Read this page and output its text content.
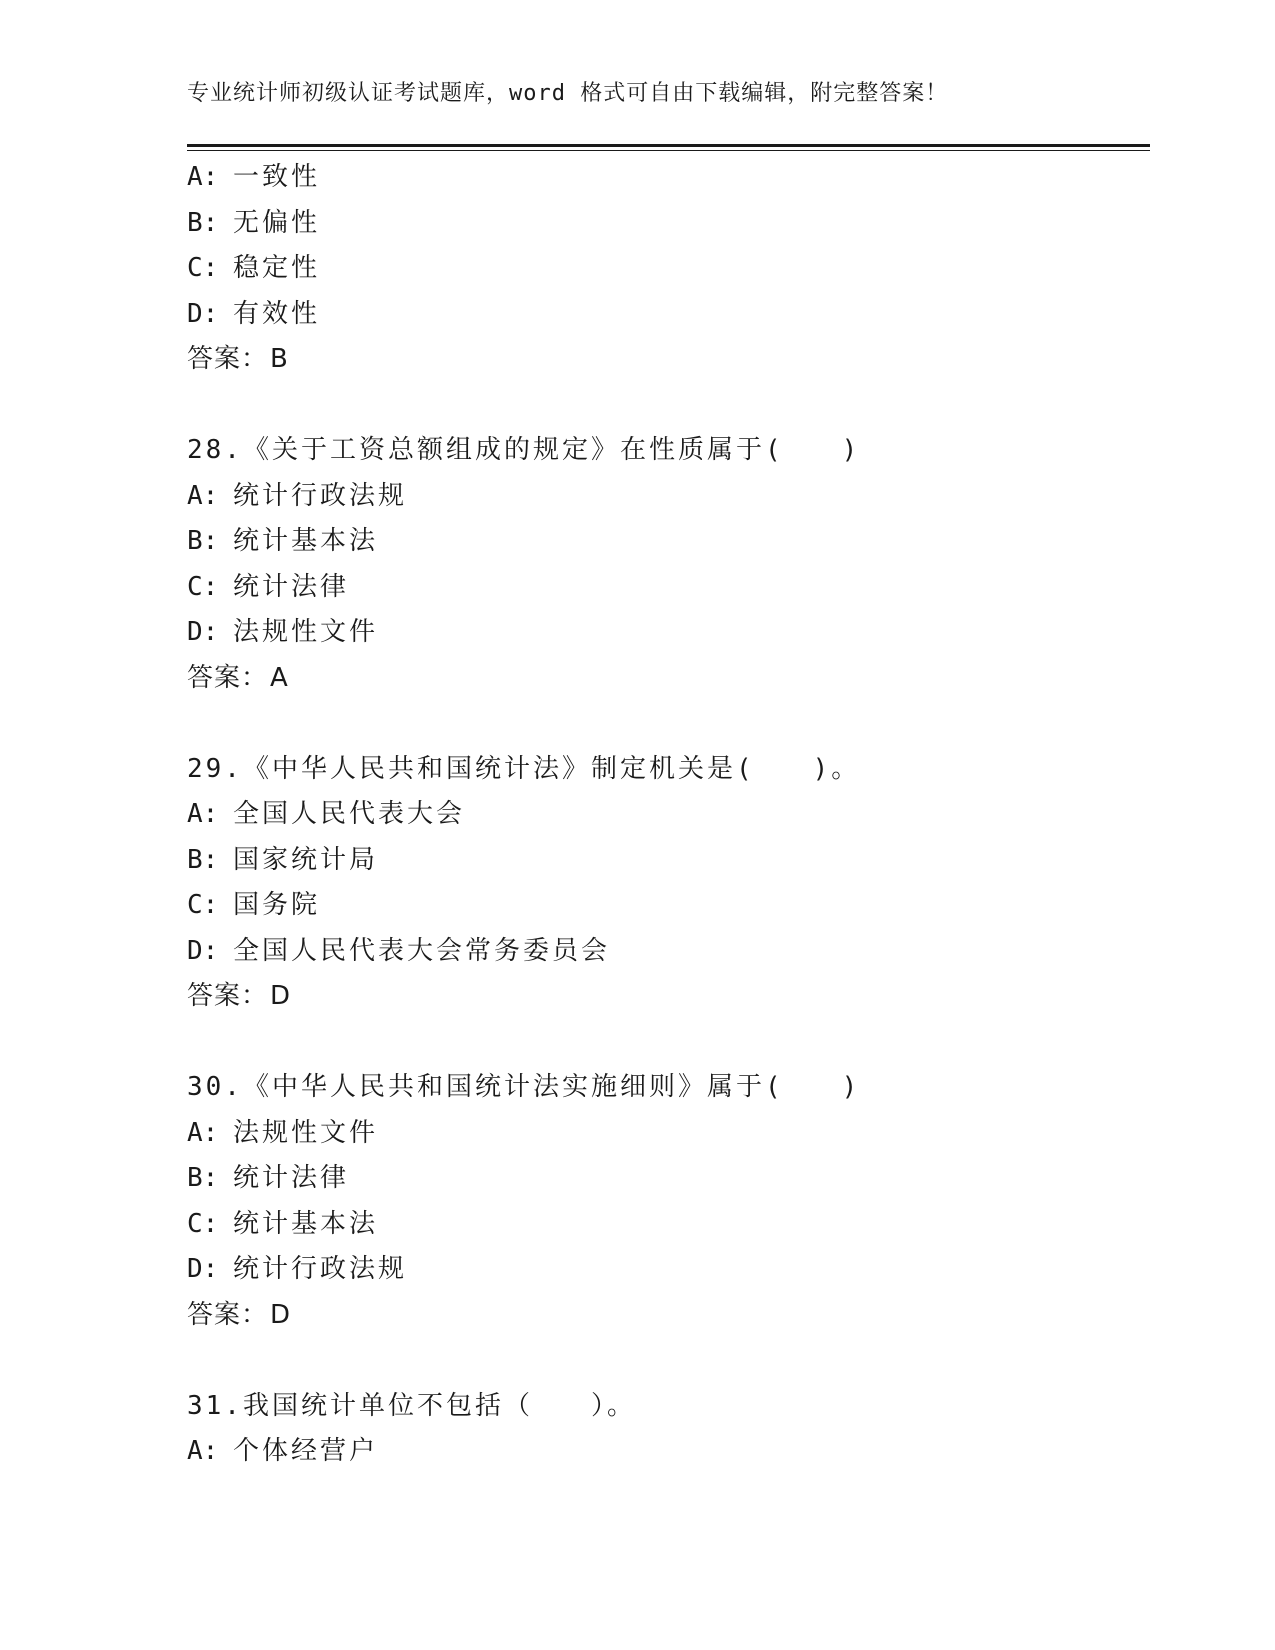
专业统计师初级认证考试题库，word 格式可自由下载编辑，附完整答案！
A: 一致性
B: 无偏性
C: 稳定性
D: 有效性
答案：B
28.《关于工资总额组成的规定》在性质属于(　　)
A: 统计行政法规
B: 统计基本法
C: 统计法律
D: 法规性文件
答案：A
29.《中华人民共和国统计法》制定机关是(　　)。
A: 全国人民代表大会
B: 国家统计局
C: 国务院
D: 全国人民代表大会常务委员会
答案：D
30.《中华人民共和国统计法实施细则》属于(　　)
A: 法规性文件
B: 统计法律
C: 统计基本法
D: 统计行政法规
答案：D
31.我国统计单位不包括（　　）。
A: 个体经营户
